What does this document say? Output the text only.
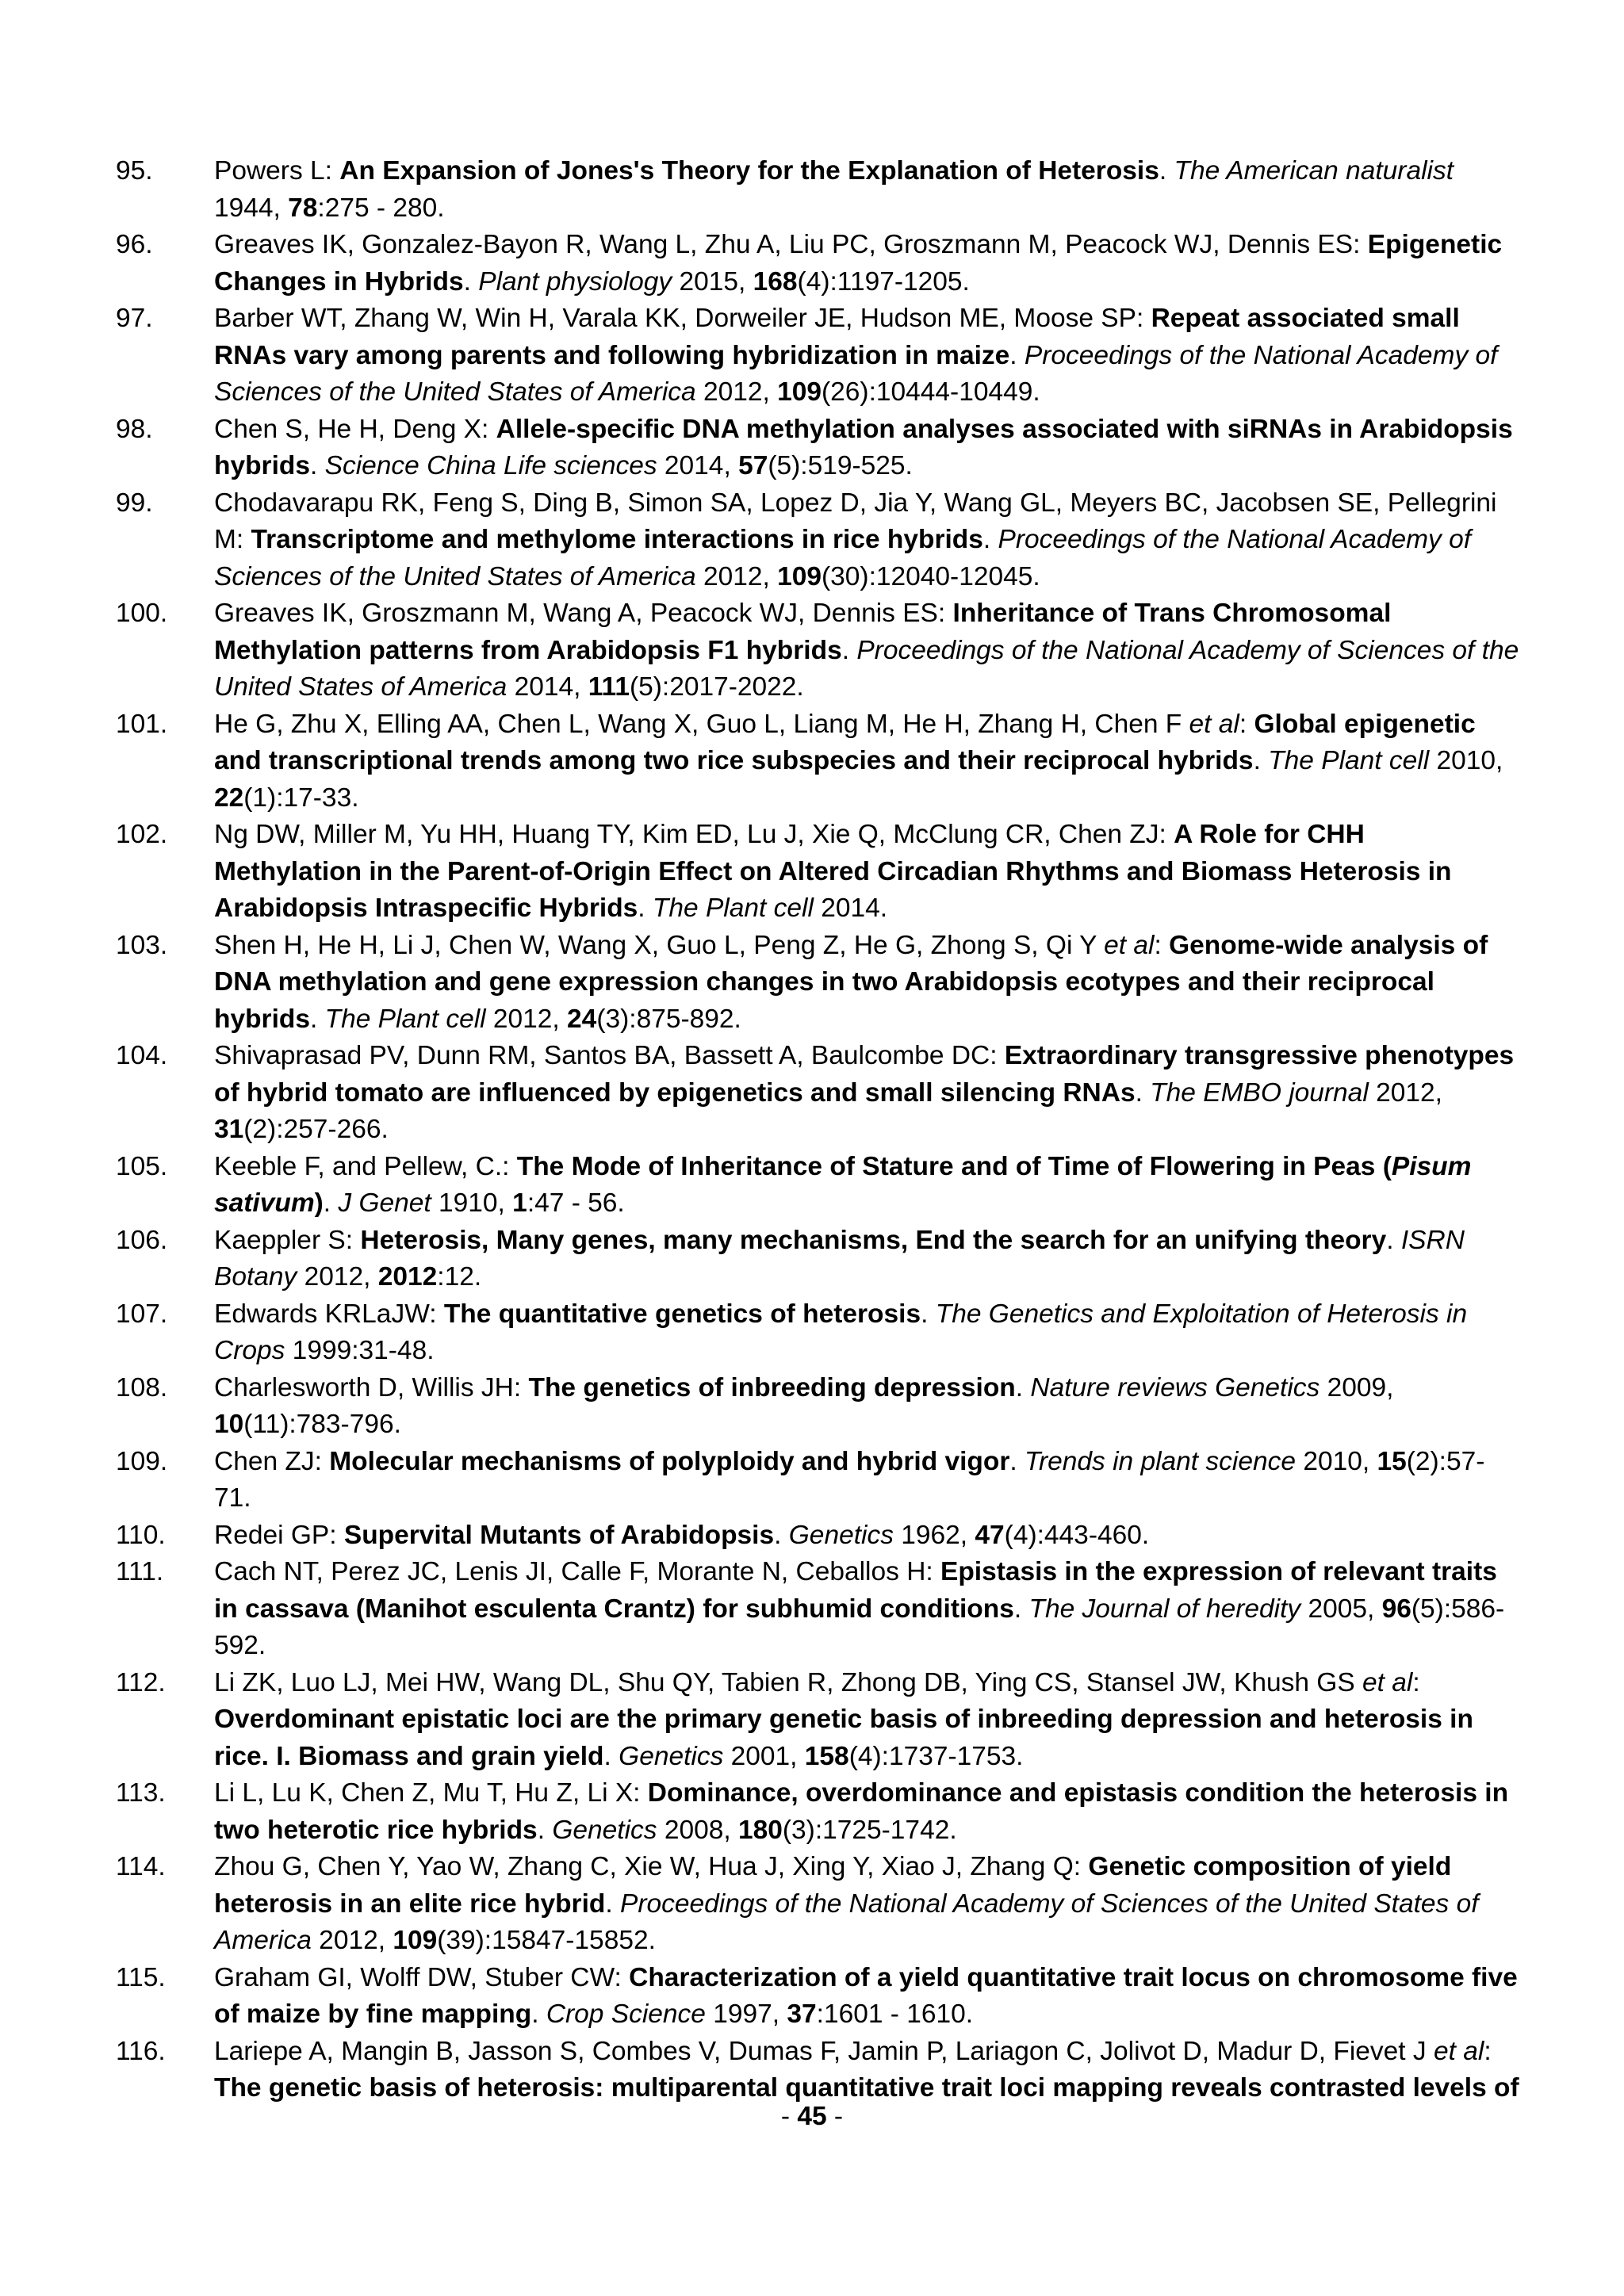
95.	Powers L: An Expansion of Jones's Theory for the Explanation of Heterosis. The American naturalist 1944, 78:275 - 280.
96.	Greaves IK, Gonzalez-Bayon R, Wang L, Zhu A, Liu PC, Groszmann M, Peacock WJ, Dennis ES: Epigenetic Changes in Hybrids. Plant physiology 2015, 168(4):1197-1205.
97.	Barber WT, Zhang W, Win H, Varala KK, Dorweiler JE, Hudson ME, Moose SP: Repeat associated small RNAs vary among parents and following hybridization in maize. Proceedings of the National Academy of Sciences of the United States of America 2012, 109(26):10444-10449.
98.	Chen S, He H, Deng X: Allele-specific DNA methylation analyses associated with siRNAs in Arabidopsis hybrids. Science China Life sciences 2014, 57(5):519-525.
99.	Chodavarapu RK, Feng S, Ding B, Simon SA, Lopez D, Jia Y, Wang GL, Meyers BC, Jacobsen SE, Pellegrini M: Transcriptome and methylome interactions in rice hybrids. Proceedings of the National Academy of Sciences of the United States of America 2012, 109(30):12040-12045.
100.	Greaves IK, Groszmann M, Wang A, Peacock WJ, Dennis ES: Inheritance of Trans Chromosomal Methylation patterns from Arabidopsis F1 hybrids. Proceedings of the National Academy of Sciences of the United States of America 2014, 111(5):2017-2022.
101.	He G, Zhu X, Elling AA, Chen L, Wang X, Guo L, Liang M, He H, Zhang H, Chen F et al: Global epigenetic and transcriptional trends among two rice subspecies and their reciprocal hybrids. The Plant cell 2010, 22(1):17-33.
102.	Ng DW, Miller M, Yu HH, Huang TY, Kim ED, Lu J, Xie Q, McClung CR, Chen ZJ: A Role for CHH Methylation in the Parent-of-Origin Effect on Altered Circadian Rhythms and Biomass Heterosis in Arabidopsis Intraspecific Hybrids. The Plant cell 2014.
103.	Shen H, He H, Li J, Chen W, Wang X, Guo L, Peng Z, He G, Zhong S, Qi Y et al: Genome-wide analysis of DNA methylation and gene expression changes in two Arabidopsis ecotypes and their reciprocal hybrids. The Plant cell 2012, 24(3):875-892.
104.	Shivaprasad PV, Dunn RM, Santos BA, Bassett A, Baulcombe DC: Extraordinary transgressive phenotypes of hybrid tomato are influenced by epigenetics and small silencing RNAs. The EMBO journal 2012, 31(2):257-266.
105.	Keeble F, and Pellew, C.: The Mode of Inheritance of Stature and of Time of Flowering in Peas (Pisum sativum). J Genet 1910, 1:47 - 56.
106.	Kaeppler S: Heterosis, Many genes, many mechanisms, End the search for an unifying theory. ISRN Botany 2012, 2012:12.
107.	Edwards KRLaJW: The quantitative genetics of heterosis. The Genetics and Exploitation of Heterosis in Crops 1999:31-48.
108.	Charlesworth D, Willis JH: The genetics of inbreeding depression. Nature reviews Genetics 2009, 10(11):783-796.
109.	Chen ZJ: Molecular mechanisms of polyploidy and hybrid vigor. Trends in plant science 2010, 15(2):57-71.
110.	Redei GP: Supervital Mutants of Arabidopsis. Genetics 1962, 47(4):443-460.
111.	Cach NT, Perez JC, Lenis JI, Calle F, Morante N, Ceballos H: Epistasis in the expression of relevant traits in cassava (Manihot esculenta Crantz) for subhumid conditions. The Journal of heredity 2005, 96(5):586-592.
112.	Li ZK, Luo LJ, Mei HW, Wang DL, Shu QY, Tabien R, Zhong DB, Ying CS, Stansel JW, Khush GS et al: Overdominant epistatic loci are the primary genetic basis of inbreeding depression and heterosis in rice. I. Biomass and grain yield. Genetics 2001, 158(4):1737-1753.
113.	Li L, Lu K, Chen Z, Mu T, Hu Z, Li X: Dominance, overdominance and epistasis condition the heterosis in two heterotic rice hybrids. Genetics 2008, 180(3):1725-1742.
114.	Zhou G, Chen Y, Yao W, Zhang C, Xie W, Hua J, Xing Y, Xiao J, Zhang Q: Genetic composition of yield heterosis in an elite rice hybrid. Proceedings of the National Academy of Sciences of the United States of America 2012, 109(39):15847-15852.
115.	Graham GI, Wolff DW, Stuber CW: Characterization of a yield quantitative trait locus on chromosome five of maize by fine mapping. Crop Science 1997, 37:1601 - 1610.
116.	Lariepe A, Mangin B, Jasson S, Combes V, Dumas F, Jamin P, Lariagon C, Jolivot D, Madur D, Fievet J et al: The genetic basis of heterosis: multiparental quantitative trait loci mapping reveals contrasted levels of
- 45 -
